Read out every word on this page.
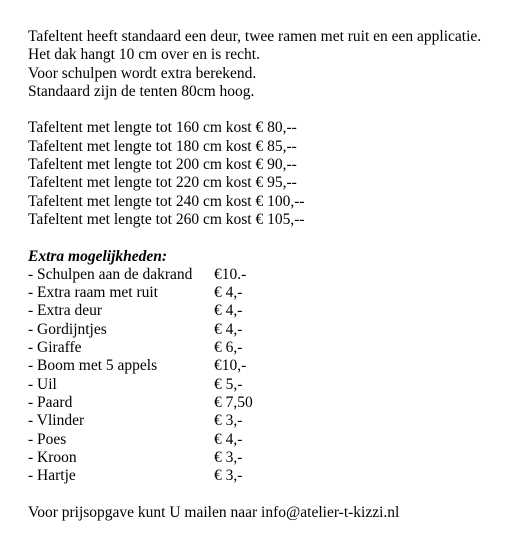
Tafeltent heeft standaard een deur, twee ramen met ruit en een applicatie.
Het dak hangt 10 cm over en is recht.
Voor schulpen wordt extra berekend.
Standaard zijn de tenten 80cm hoog.
Tafeltent met lengte tot 160 cm kost € 80,--
Tafeltent met lengte tot 180 cm kost € 85,--
Tafeltent met lengte tot 200 cm kost € 90,--
Tafeltent met lengte tot 220 cm kost € 95,--
Tafeltent met lengte tot 240 cm kost € 100,--
Tafeltent met lengte tot 260 cm kost € 105,--
Extra mogelijkheden:
- Schulpen aan de dakrand	€10.-
- Extra raam met ruit	€ 4,-
- Extra deur	€ 4,-
- Gordijntjes	€ 4,-
- Giraffe	€ 6,-
- Boom met 5 appels	€10,-
- Uil	€ 5,-
- Paard	€ 7,50
- Vlinder	€ 3,-
- Poes	€ 4,-
- Kroon	€ 3,-
- Hartje	€ 3,-
Voor prijsopgave kunt U mailen naar info@atelier-t-kizzi.nl
